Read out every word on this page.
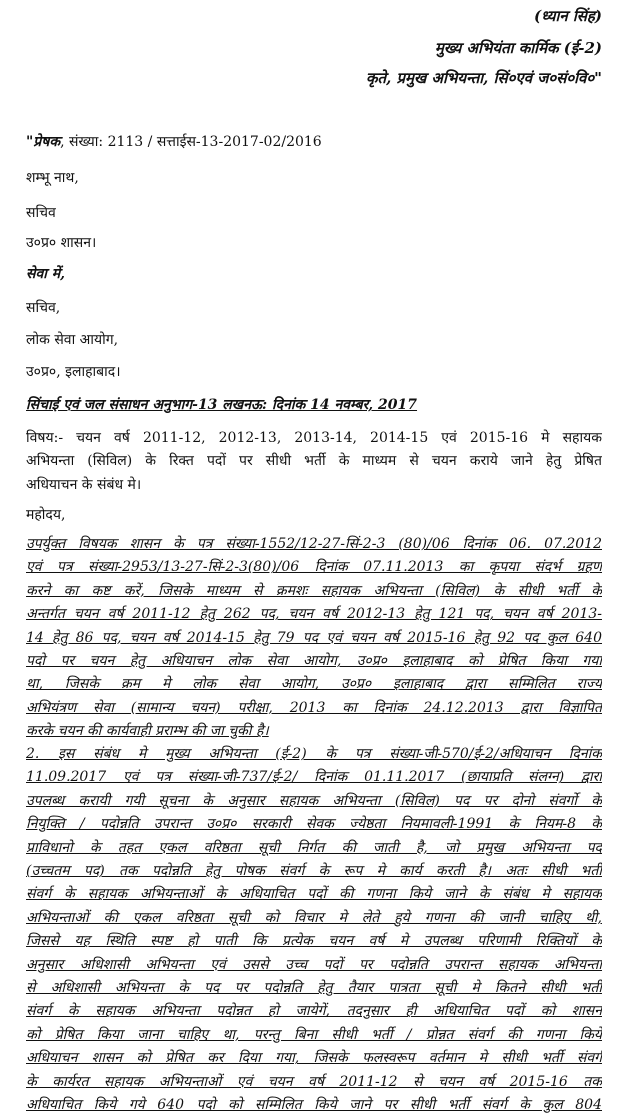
(ध्यान सिंह)
मुख्य अभियंता कार्मिक (ई-2)
कृते, प्रमुख अभियन्ता, सिं०एवं ज०सं०वि०"
"प्रेषक, संख्या: 2113 / सत्ताईस-13-2017-02/2016
शम्भू नाथ,
सचिव
उ०प्र० शासन।
सेवा में,
सचिव,
लोक सेवा आयोग,
उ०प्र०, इलाहाबाद।
सिंचाई एवं जल संसाधन अनुभाग-13 लखनऊ: दिनांक 14 नवम्बर, 2017
विषय:- चयन वर्ष 2011-12, 2012-13, 2013-14, 2014-15 एवं 2015-16 मे सहायक
अभियन्ता (सिविल) के रिक्त पदों पर सीधी भर्ती के माध्यम से चयन कराये जाने हेतु प्रेषित
अधियाचन के संबंध मे।
महोदय,
उपर्युक्त विषयक शासन के पत्र संख्या-1552/12-27-सिं-2-3 (80)/06 दिनांक 06. 07.2012
एवं पत्र संख्या-2953/13-27-सिं-2-3(80)/06 दिनांक 07.11.2013 का कृपया संदर्भ ग्रहण
करने का कष्ट करें, जिसके माध्यम से क्रमशः सहायक अभियन्ता (सिविल) के सीधी भर्ती के
अन्तर्गत चयन वर्ष 2011-12 हेतु 262 पद, चयन वर्ष 2012-13 हेतु 121 पद, चयन वर्ष 2013-
14 हेतु 86 पद, चयन वर्ष 2014-15 हेतु 79 पद एवं चयन वर्ष 2015-16 हेतु 92 पद कुल 640
पदो पर चयन हेतु अधियाचन लोक सेवा आयोग, उ०प्र० इलाहाबाद को प्रेषित किया गया
था, जिसके क्रम मे लोक सेवा आयोग, उ०प्र० इलाहाबाद द्वारा सम्मिलित राज्य
अभियंत्रण सेवा (सामान्य चयन) परीक्षा, 2013 का दिनांक 24.12.2013 द्वारा विज्ञापित
करके चयन की कार्यवाही प्रराम्भ की जा चुकी है।
2. इस संबंध मे मुख्य अभियन्ता (ई-2) के पत्र संख्या-जी-570/ई-2/अधियाचन दिनांक
11.09.2017 एवं पत्र संख्या-जी-737/ई-2/ दिनांक 01.11.2017 (छायाप्रति संलग्न) द्वारा
उपलब्ध करायी गयी सूचना के अनुसार सहायक अभियन्ता (सिविल) पद पर दोनो संवर्गो के
नियुक्ति / पदोन्नति उपरान्त उ०प्र० सरकारी सेवक ज्येष्ठता नियमावली-1991 के नियम-8 के
प्राविधानो के तहत एकल वरिष्ठता सूची निर्गत की जाती है, जो प्रमुख अभियन्ता पद
(उच्चतम पद) तक पदोन्नति हेतु पोषक संवर्ग के रूप मे कार्य करती है। अतः सीधी भर्ती
संवर्ग के सहायक अभियन्ताओं के अधियाचित पदों की गणना किये जाने के संबंध मे सहायक
अभियन्ताओं की एकल वरिष्ठता सूची को विचार मे लेते हुये गणना की जानी चाहिए थी,
जिससे यह स्थिति स्पष्ट हो पाती कि प्रत्येक चयन वर्ष मे उपलब्ध परिणामी रिक्तियों के
अनुसार अधिशासी अभियन्ता एवं उससे उच्च पदों पर पदोन्नति उपरान्त सहायक अभियन्ता
से अधिशासी अभियन्ता के पद पर पदोन्नति हेतु तैयार पात्रता सूची मे कितने सीधी भर्ती
संवर्ग के सहायक अभियन्ता पदोन्नत हो जायेगें, तदनुसार ही अधियाचित पदों को शासन
को प्रेषित किया जाना चाहिए था, परन्तु बिना सीधी भर्ती / प्रोन्नत संवर्ग की गणना किये
अधियाचन शासन को प्रेषित कर दिया गया, जिसके फलस्वरूप वर्तमान मे सीधी भर्ती संवर्ग
के कार्यरत सहायक अभियन्ताओं एवं चयन वर्ष 2011-12 से चयन वर्ष 2015-16 तक
अधियाचित किये गये 640 पदो को सम्मिलित किये जाने पर सीधी भर्ती संवर्ग के कुल 804
